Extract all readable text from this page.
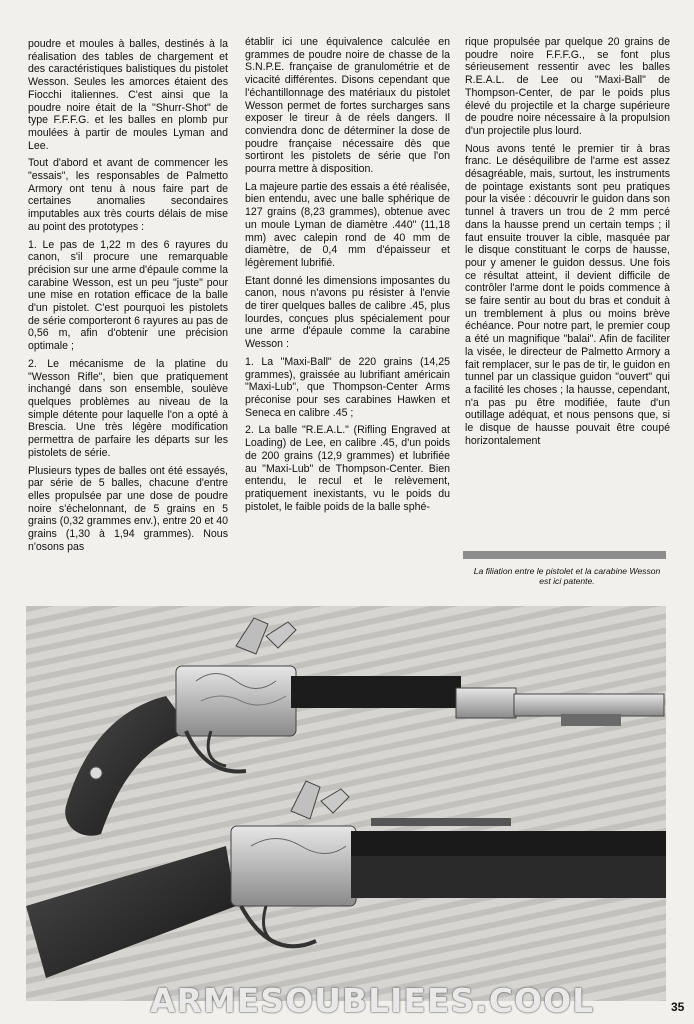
poudre et moules à balles, destinés à la réalisation des tables de chargement et des caractéristiques balistiques du pistolet Wesson. Seules les amorces étaient des Fiocchi italiennes. C'est ainsi que la poudre noire était de la "Shurr-Shot" de type F.F.F.G. et les balles en plomb pur moulées à partir de moules Lyman and Lee.

Tout d'abord et avant de commencer les "essais", les responsables de Palmetto Armory ont tenu à nous faire part de certaines anomalies secondaires imputables aux très courts délais de mise au point des prototypes :

1. Le pas de 1,22 m des 6 rayures du canon, s'il procure une remarquable précision sur une arme d'épaule comme la carabine Wesson, est un peu "juste" pour une mise en rotation efficace de la balle d'un pistolet. C'est pourquoi les pistolets de série comporteront 6 rayures au pas de 0,56 m, afin d'obtenir une précision optimale ;

2. Le mécanisme de la platine du "Wesson Rifle", bien que pratiquement inchangé dans son ensemble, soulève quelques problèmes au niveau de la simple détente pour laquelle l'on a opté à Brescia. Une très légère modification permettra de parfaire les départs sur les pistolets de série.

Plusieurs types de balles ont été essayés, par série de 5 balles, chacune d'entre elles propulsée par une dose de poudre noire s'échelonnant, de 5 grains en 5 grains (0,32 grammes env.), entre 20 et 40 grains (1,30 à 1,94 grammes). Nous n'osons pas

établir ici une équivalence calculée en grammes de poudre noire de chasse de la S.N.P.E. française de granulométrie et de vicacité différentes. Disons cependant que l'échantillonnage des matériaux du pistolet Wesson permet de fortes surcharges sans exposer le tireur à de réels dangers. Il conviendra donc de déterminer la dose de poudre française nécessaire dès que sortiront les pistolets de série que l'on pourra mettre à disposition.

La majeure partie des essais a été réalisée, bien entendu, avec une balle sphérique de 127 grains (8,23 grammes), obtenue avec un moule Lyman de diamètre .440" (11,18 mm) avec calepin rond de 40 mm de diamètre, de 0,4 mm d'épaisseur et légèrement lubrifié.

Etant donné les dimensions imposantes du canon, nous n'avons pu résister à l'envie de tirer quelques balles de calibre .45, plus lourdes, conçues plus spécialement pour une arme d'épaule comme la carabine Wesson :

1. La "Maxi-Ball" de 220 grains (14,25 grammes), graissée au lubrifiant américain "Maxi-Lub", que Thompson-Center Arms préconise pour ses carabines Hawken et Seneca en calibre .45 ;

2. La balle "R.E.A.L." (Rifling Engraved at Loading) de Lee, en calibre .45, d'un poids de 200 grains (12,9 grammes) et lubrifiée au "Maxi-Lub" de Thompson-Center. Bien entendu, le recul et le relèvement, pratiquement inexistants, vu le poids du pistolet, le faible poids de la balle sphé-

rique propulsée par quelque 20 grains de poudre noire F.F.F.G., se font plus sérieusement ressentir avec les balles R.E.A.L. de Lee ou "Maxi-Ball" de Thompson-Center, de par le poids plus élevé du projectile et la charge supérieure de poudre noire nécessaire à la propulsion d'un projectile plus lourd.

Nous avons tenté le premier tir à bras franc. Le déséquilibre de l'arme est assez désagréable, mais, surtout, les instruments de pointage existants sont peu pratiques pour la visée : découvrir le guidon dans son tunnel à travers un trou de 2 mm percé dans la hausse prend un certain temps ; il faut ensuite trouver la cible, masquée par le disque constituant le corps de hausse, pour y amener le guidon dessus. Une fois ce résultat atteint, il devient difficile de contrôler l'arme dont le poids commence à se faire sentir au bout du bras et conduit à un tremblement à plus ou moins brève échéance. Pour notre part, le premier coup a été un magnifique "balai". Afin de faciliter la visée, le directeur de Palmetto Armory a fait remplacer, sur le pas de tir, le guidon en tunnel par un classique guidon "ouvert" qui a facilité les choses ; la hausse, cependant, n'a pas pu être modifiée, faute d'un outillage adéquat, et nous pensons que, si le disque de hausse pouvait être coupé horizontalement

La filiation entre le pistolet et la carabine Wesson est ici patente.
ARMESOUBLIEES.COOL	35
